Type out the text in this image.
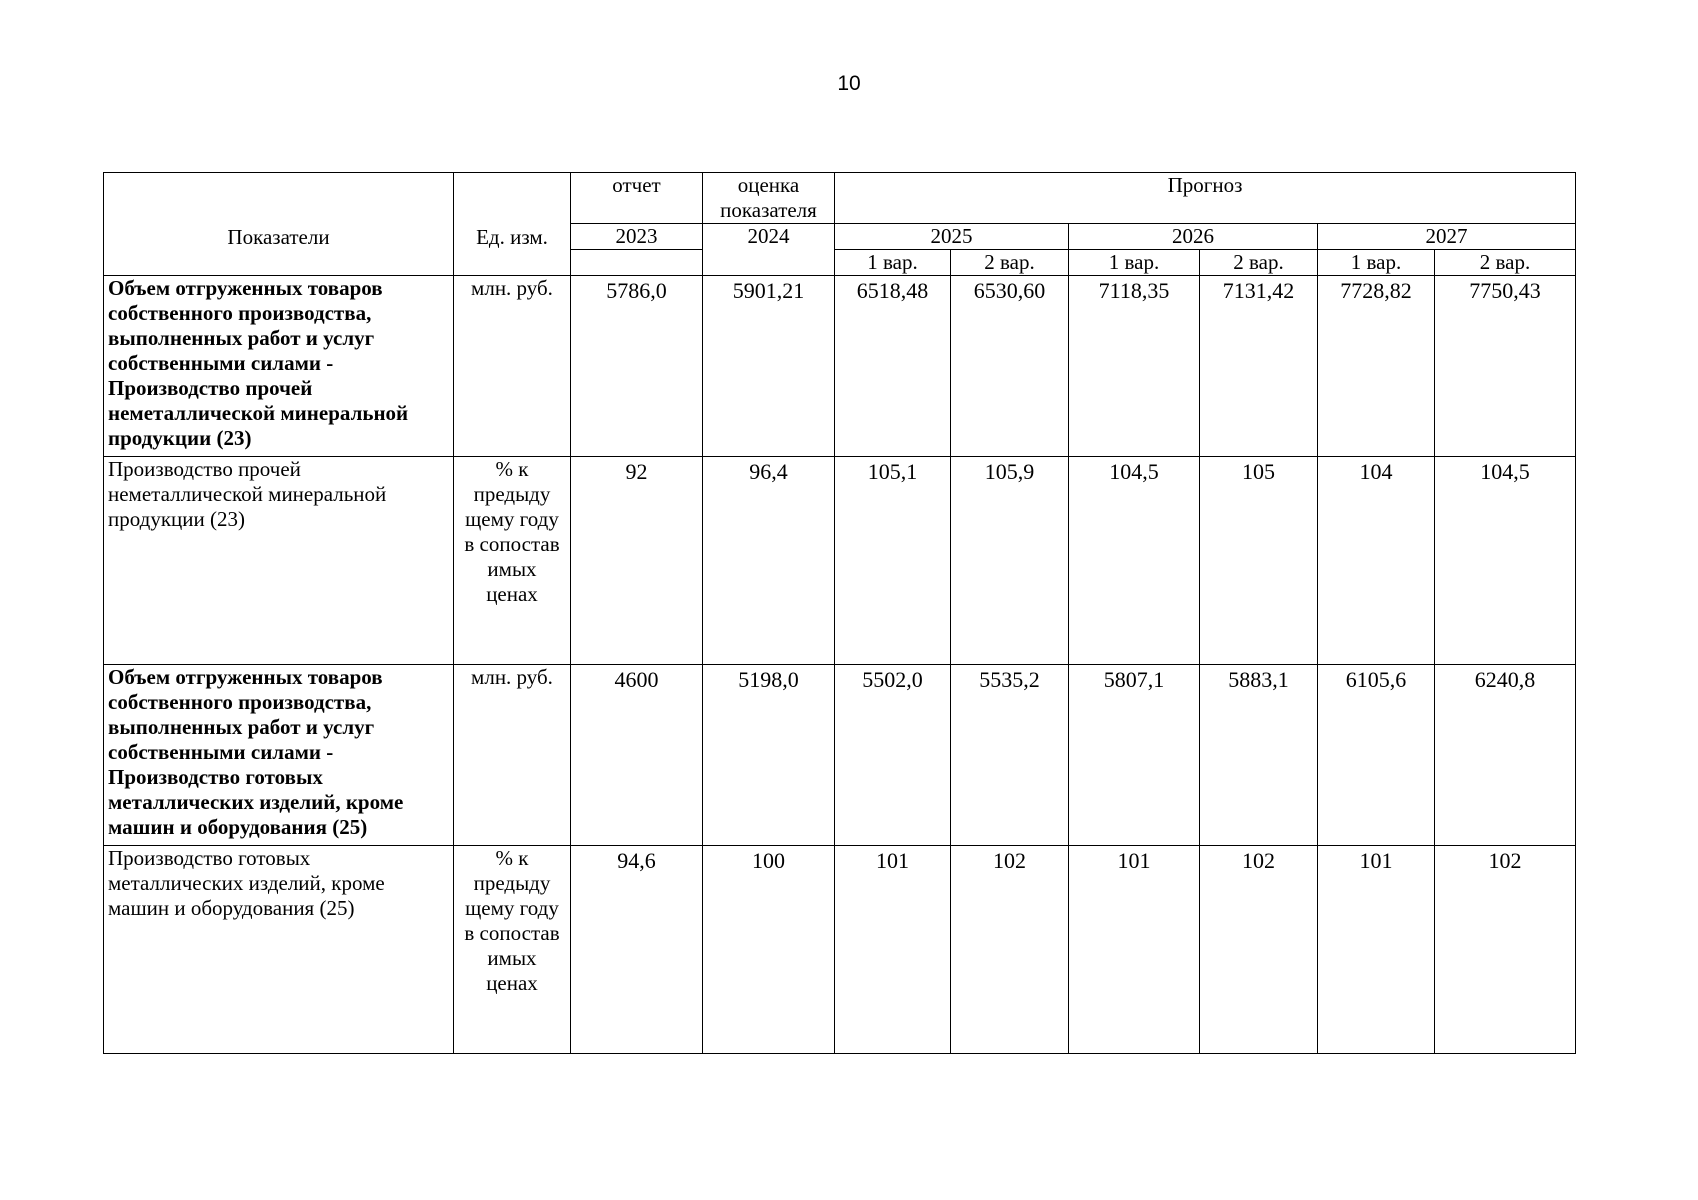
10
Показатели	Ед. изм.	отчет	оценка показателя	Прогноз					
		2023	2024	2025		2026		2027	
				1 вар.	2 вар.	1 вар.	2 вар.	1 вар.	2 вар.
Объем отгруженных товаров собственного производства, выполненных работ и услуг собственными силами - Производство прочей неметаллической минеральной продукции (23)	млн. руб.	5786,0	5901,21	6518,48	6530,60	7118,35	7131,42	7728,82	7750,43
Производство прочей неметаллической минеральной продукции (23)	% к предыду щему году в сопостав имых ценах	92	96,4	105,1	105,9	104,5	105	104	104,5
Объем отгруженных товаров собственного производства, выполненных работ и услуг собственными силами - Производство готовых металлических изделий, кроме машин и оборудования (25)	млн. руб.	4600	5198,0	5502,0	5535,2	5807,1	5883,1	6105,6	6240,8
Производство готовых металлических изделий, кроме машин и оборудования (25)	% к предыду щему году в сопостав имых ценах	94,6	100	101	102	101	102	101	102
